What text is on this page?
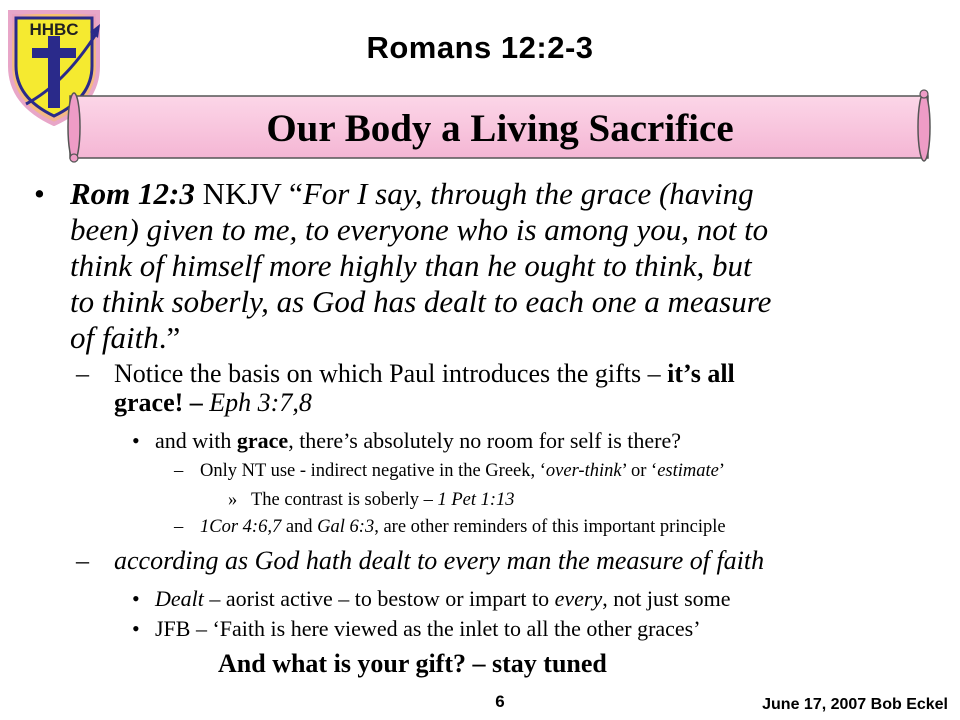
HHBC
Romans 12:2-3
Our Body a Living Sacrifice
• Rom 12:3 NKJV “For I say, through the grace (having
been) given to me, to everyone who is among you, not to
think of himself more highly than he ought to think, but
to think soberly, as God has dealt to each one a measure
of faith.”
– Notice the basis on which Paul introduces the gifts – it’s all
grace! – Eph 3:7,8
• and with grace, there’s absolutely no room for self is there?
– Only NT use - indirect negative in the Greek, ‘over-think’ or ‘estimate’
» The contrast is soberly – 1 Pet 1:13
– 1Cor 4:6,7 and Gal 6:3, are other reminders of this important principle
– according as God hath dealt to every man the measure of faith
• Dealt – aorist active – to bestow or impart to every, not just some
• JFB – ‘Faith is here viewed as the inlet to all the other graces’
And what is your gift? – stay tuned
6	June 17, 2007 Bob Eckel
